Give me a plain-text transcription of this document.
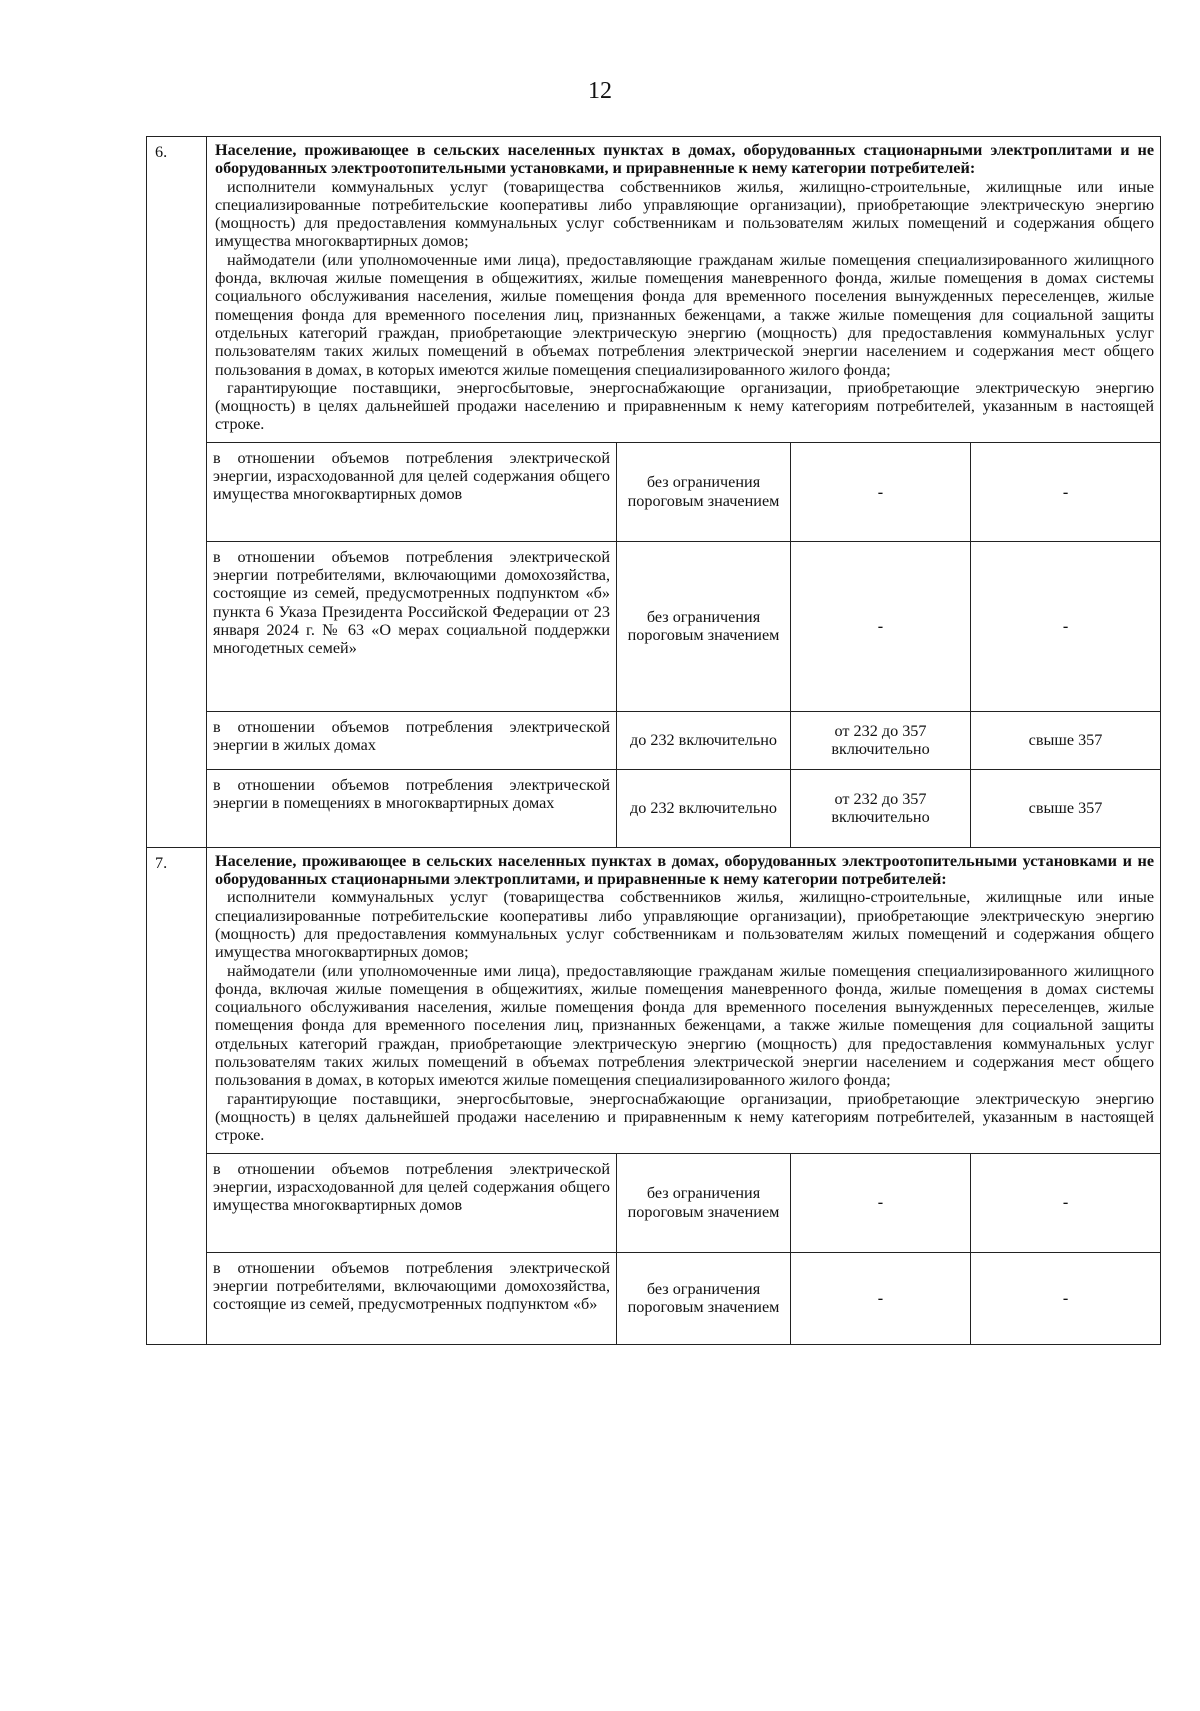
12
6.	Население, проживающее в сельских населенных пунктах в домах, оборудованных стационарными электроплитами и не оборудованных электроотопительными установками, и приравненные к нему категории потребителей:

исполнители коммунальных услуг (товарищества собственников жилья, жилищно-строительные, жилищные или иные специализированные потребительские кооперативы либо управляющие организации), приобретающие электрическую энергию (мощность) для предоставления коммунальных услуг собственникам и пользователям жилых помещений и содержания общего имущества многоквартирных домов;

наймодатели (или уполномоченные ими лица), предоставляющие гражданам жилые помещения специализированного жилищного фонда, включая жилые помещения в общежитиях, жилые помещения маневренного фонда, жилые помещения в домах системы социального обслуживания населения, жилые помещения фонда для временного поселения вынужденных переселенцев, жилые помещения фонда для временного поселения лиц, признанных беженцами, а также жилые помещения для социальной защиты отдельных категорий граждан, приобретающие электрическую энергию (мощность) для предоставления коммунальных услуг пользователям таких жилых помещений в объемах потребления электрической энергии населением и содержания мест общего пользования в домах, в которых имеются жилые помещения специализированного жилого фонда;

гарантирующие поставщики, энергосбытовые, энергоснабжающие организации, приобретающие электрическую энергию (мощность) в целях дальнейшей продажи населению и приравненным к нему категориям потребителей, указанным в настоящей строке.			

	в отношении объемов потребления электрической энергии, израсходованной для целей содержания общего имущества многоквартирных домов	без ограничения пороговым значением	-	-
	в отношении объемов потребления электрической энергии потребителями, включающими домохозяйства, состоящие из семей, предусмотренных подпунктом «б» пункта 6 Указа Президента Российской Федерации от 23 января 2024 г. № 63 «О мерах социальной поддержки многодетных семей»	без ограничения пороговым значением	-	-
	в отношении объемов потребления электрической энергии в жилых домах	до 232 включительно	от 232 до 357 включительно	свыше 357
	в отношении объемов потребления электрической энергии в помещениях в многоквартирных домах	до 232 включительно	от 232 до 357 включительно	свыше 357
7.	Население, проживающее в сельских населенных пунктах в домах, оборудованных электроотопительными установками и не оборудованных стационарными электроплитами, и приравненные к нему категории потребителей:

исполнители коммунальных услуг (товарищества собственников жилья, жилищно-строительные, жилищные или иные специализированные потребительские кооперативы либо управляющие организации), приобретающие электрическую энергию (мощность) для предоставления коммунальных услуг собственникам и пользователям жилых помещений и содержания общего имущества многоквартирных домов;

наймодатели (или уполномоченные ими лица), предоставляющие гражданам жилые помещения специализированного жилищного фонда, включая жилые помещения в общежитиях, жилые помещения маневренного фонда, жилые помещения в домах системы социального обслуживания населения, жилые помещения фонда для временного поселения вынужденных переселенцев, жилые помещения фонда для временного поселения лиц, признанных беженцами, а также жилые помещения для социальной защиты отдельных категорий граждан, приобретающие электрическую энергию (мощность) для предоставления коммунальных услуг пользователям таких жилых помещений в объемах потребления электрической энергии населением и содержания мест общего пользования в домах, в которых имеются жилые помещения специализированного жилого фонда;

гарантирующие поставщики, энергосбытовые, энергоснабжающие организации, приобретающие электрическую энергию (мощность) в целях дальнейшей продажи населению и приравненным к нему категориям потребителей, указанным в настоящей строке.			

	в отношении объемов потребления электрической энергии, израсходованной для целей содержания общего имущества многоквартирных домов	без ограничения пороговым значением	-	-
	в отношении объемов потребления электрической энергии потребителями, включающими домохозяйства, состоящие из семей, предусмотренных подпунктом «б»	без ограничения пороговым значением	-	-
